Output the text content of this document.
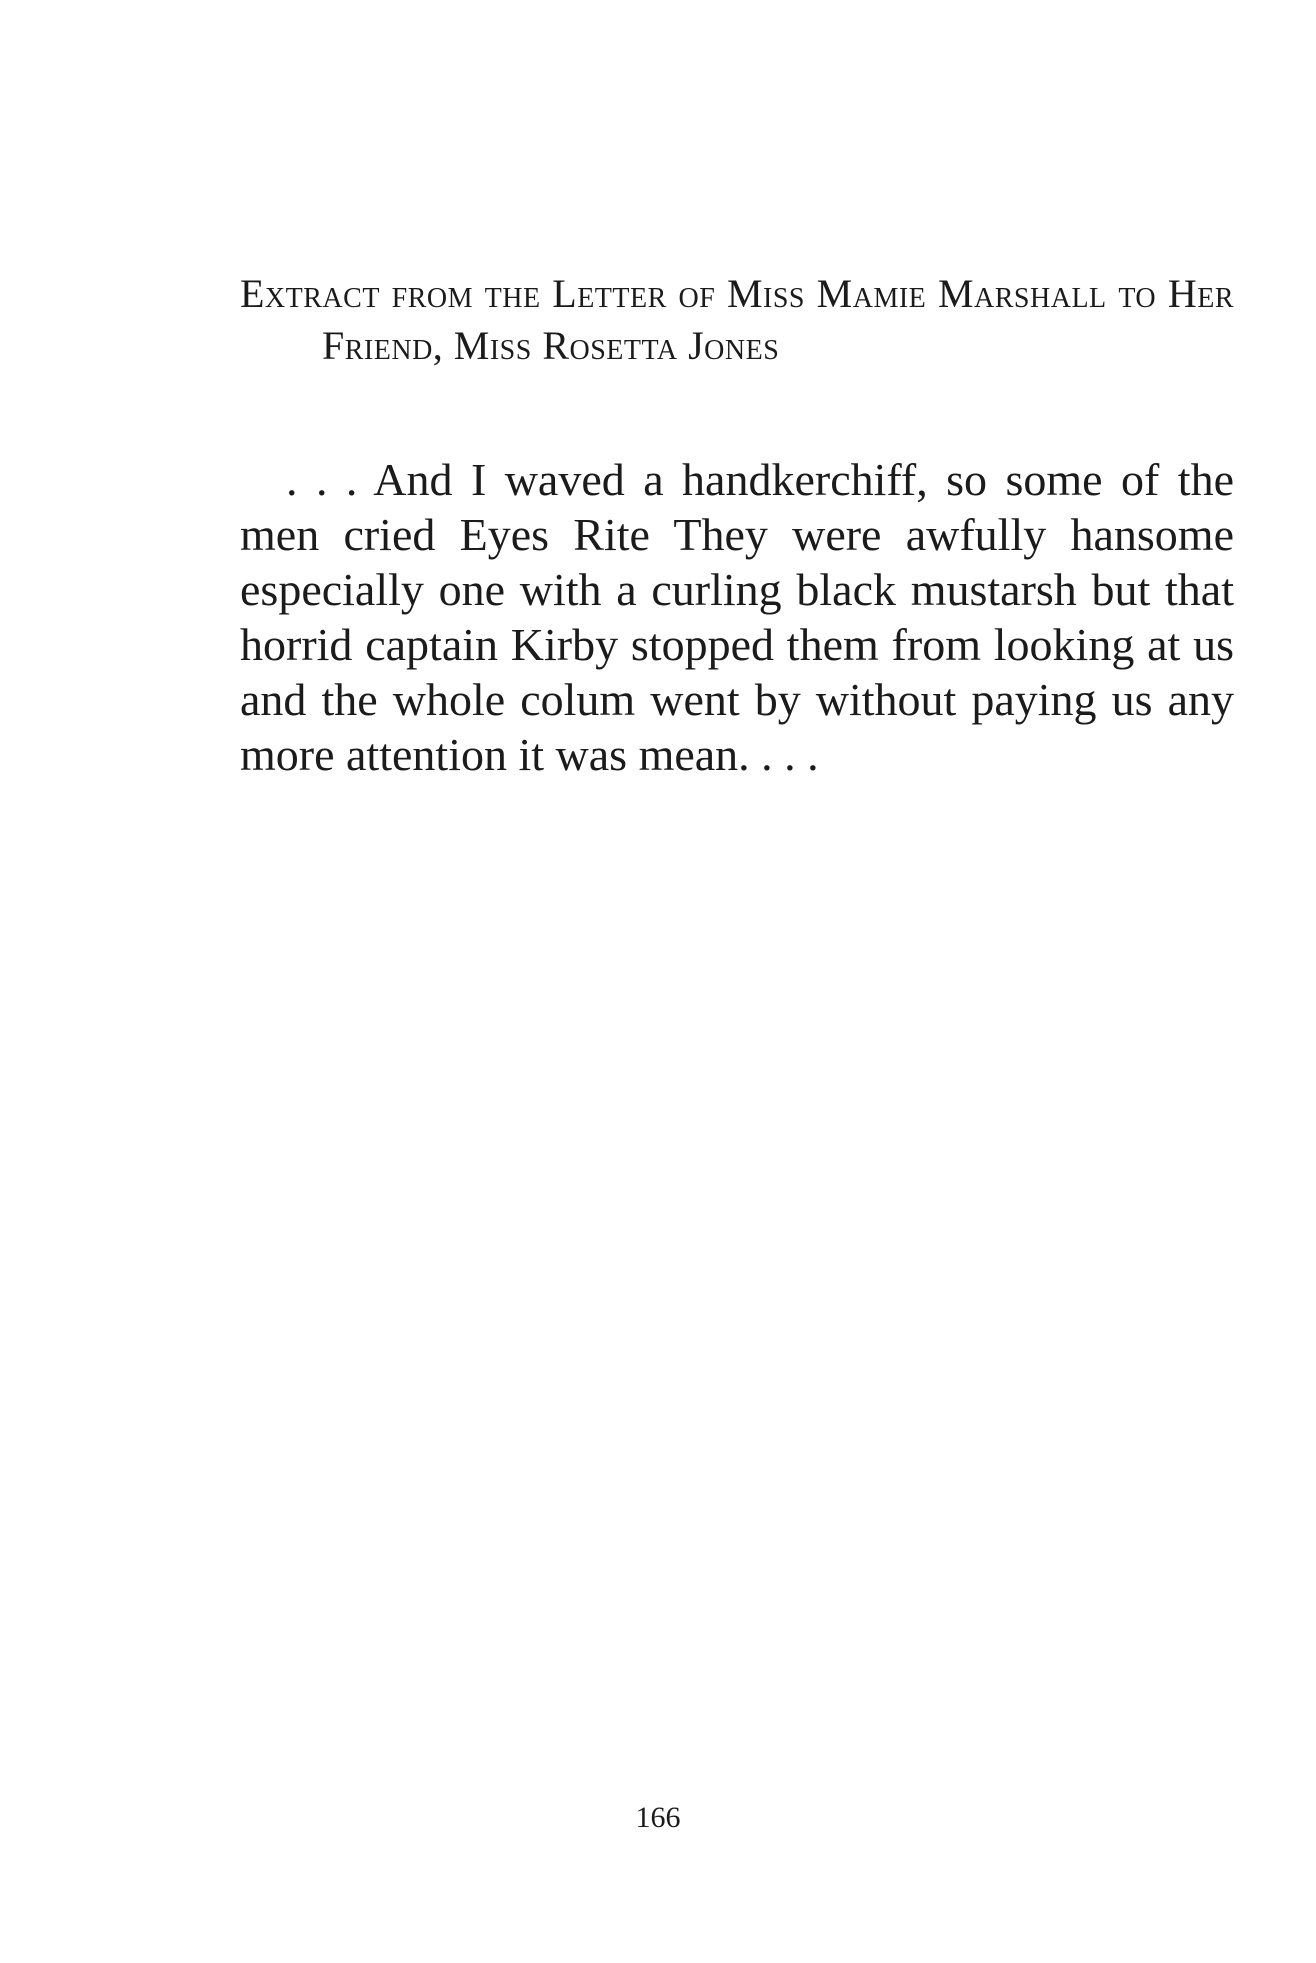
Extract from the Letter of Miss Mamie Marshall to Her Friend, Miss Rosetta Jones

. . . And I waved a handkerchiff, so some of the men cried Eyes Rite They were awfully hansome especially one with a curling black mustarsh but that horrid captain Kirby stopped them from looking at us and the whole colum went by without paying us any more attention it was mean. . . .

166
